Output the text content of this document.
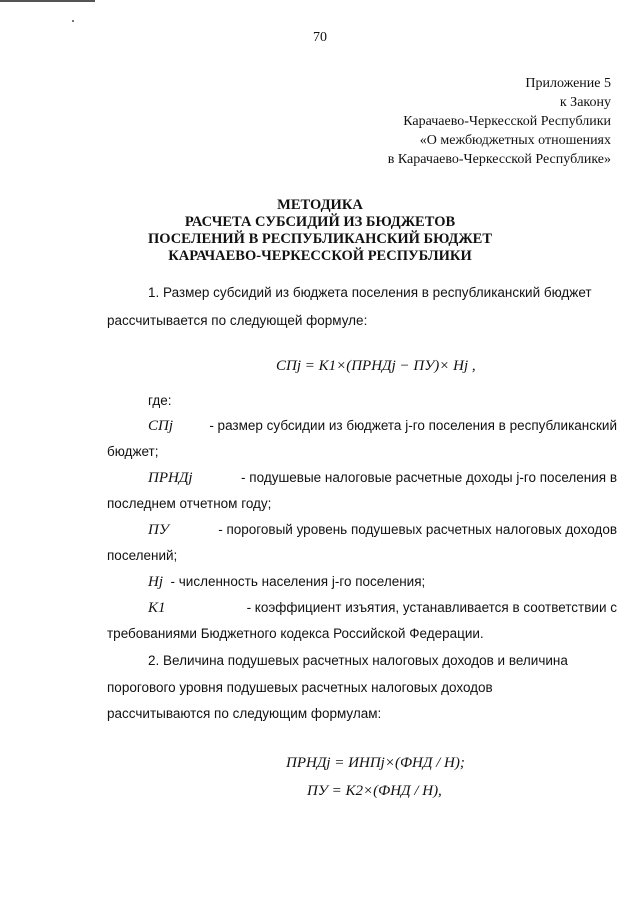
70
Приложение 5
к Закону
Карачаево-Черкесской Республики
«О межбюджетных отношениях
в Карачаево-Черкесской Республике»
МЕТОДИКА
РАСЧЕТА СУБСИДИЙ ИЗ БЮДЖЕТОВ
ПОСЕЛЕНИЙ В РЕСПУБЛИКАНСКИЙ БЮДЖЕТ
КАРАЧАЕВО-ЧЕРКЕССКОЙ РЕСПУБЛИКИ
1. Размер субсидий из бюджета поселения в республиканский бюджет
рассчитывается по следующей формуле:
СПj = К1×(ПРНДj − ПУ)× Нj ,
где:
СПj	- размер субсидии из бюджета j-го поселения в республиканский
бюджет;
ПРНДj	- подушевые налоговые расчетные доходы j-го поселения в
последнем отчетном году;
ПУ	- пороговый уровень подушевых расчетных налоговых доходов
поселений;
Нj - численность населения j-го поселения;
К1	- коэффициент изъятия, устанавливается в соответствии с
требованиями Бюджетного кодекса Российской Федерации.
2. Величина подушевых расчетных налоговых доходов и величина
порогового уровня подушевых расчетных налоговых доходов
рассчитываются по следующим формулам:
ПРНДj = ИНПj×(ФНД / Н);
ПУ = К2×(ФНД / Н),
